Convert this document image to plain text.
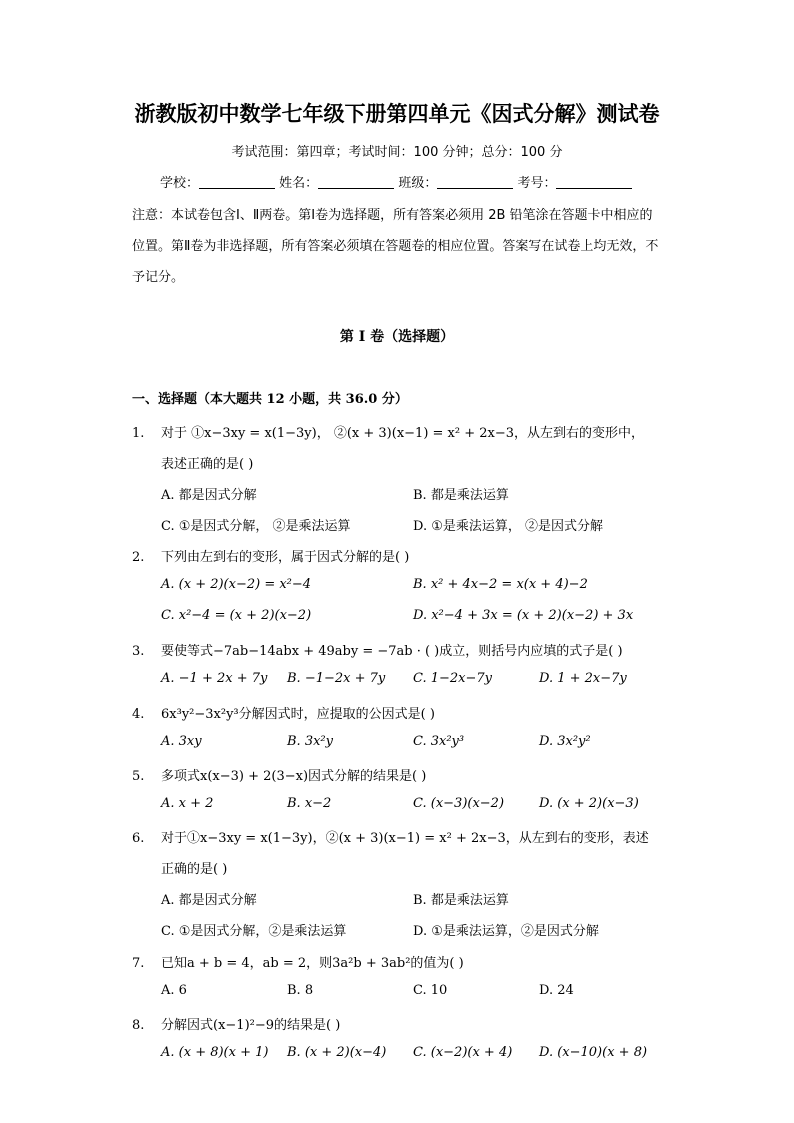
浙教版初中数学七年级下册第四单元《因式分解》测试卷
考试范围：第四章；考试时间：100 分钟；总分：100 分
学校：	姓名：	班级：	考号：
注意：本试卷包含Ⅰ、Ⅱ两卷。第Ⅰ卷为选择题，所有答案必须用 2B 铅笔涂在答题卡中相应的位置。第Ⅱ卷为非选择题，所有答案必须填在答题卷的相应位置。答案写在试卷上均无效，不予记分。
第 I 卷（选择题）
一、选择题（本大题共 12 小题，共 36.0 分）
1. 对于 ①x−3xy = x(1−3y)， ②(x + 3)(x−1) = x² + 2x−3，从左到右的变形中，
表述正确的是( )
A. 都是因式分解	B. 都是乘法运算
C. ①是因式分解， ②是乘法运算	D. ①是乘法运算， ②是因式分解
2. 下列由左到右的变形，属于因式分解的是( )
A. (x + 2)(x−2) = x²−4	B. x² + 4x−2 = x(x + 4)−2
C. x²−4 = (x + 2)(x−2)	D. x²−4 + 3x = (x + 2)(x−2) + 3x
3. 要使等式−7ab−14abx + 49aby = −7ab · ( )成立，则括号内应填的式子是( )
A. −1 + 2x + 7y B. −1−2x + 7y C. 1−2x−7y	D. 1 + 2x−7y
4. 6x³y²−3x²y³分解因式时，应提取的公因式是( )
A. 3xy	B. 3x²y	C. 3x²y³	D. 3x²y²
5. 多项式x(x−3) + 2(3−x)因式分解的结果是( )
A. x + 2	B. x−2	C. (x−3)(x−2)	D. (x + 2)(x−3)
6. 对于①x−3xy = x(1−3y)，②(x + 3)(x−1) = x² + 2x−3，从左到右的变形，表述
正确的是( )
A. 都是因式分解	B. 都是乘法运算
C. ①是因式分解，②是乘法运算	D. ①是乘法运算，②是因式分解
7. 已知a + b = 4，ab = 2，则3a²b + 3ab²的值为( )
A. 6	B. 8	C. 10	D. 24
8. 分解因式(x−1)²−9的结果是( )
A. (x + 8)(x + 1) B. (x + 2)(x−4) C. (x−2)(x + 4) D. (x−10)(x + 8)
